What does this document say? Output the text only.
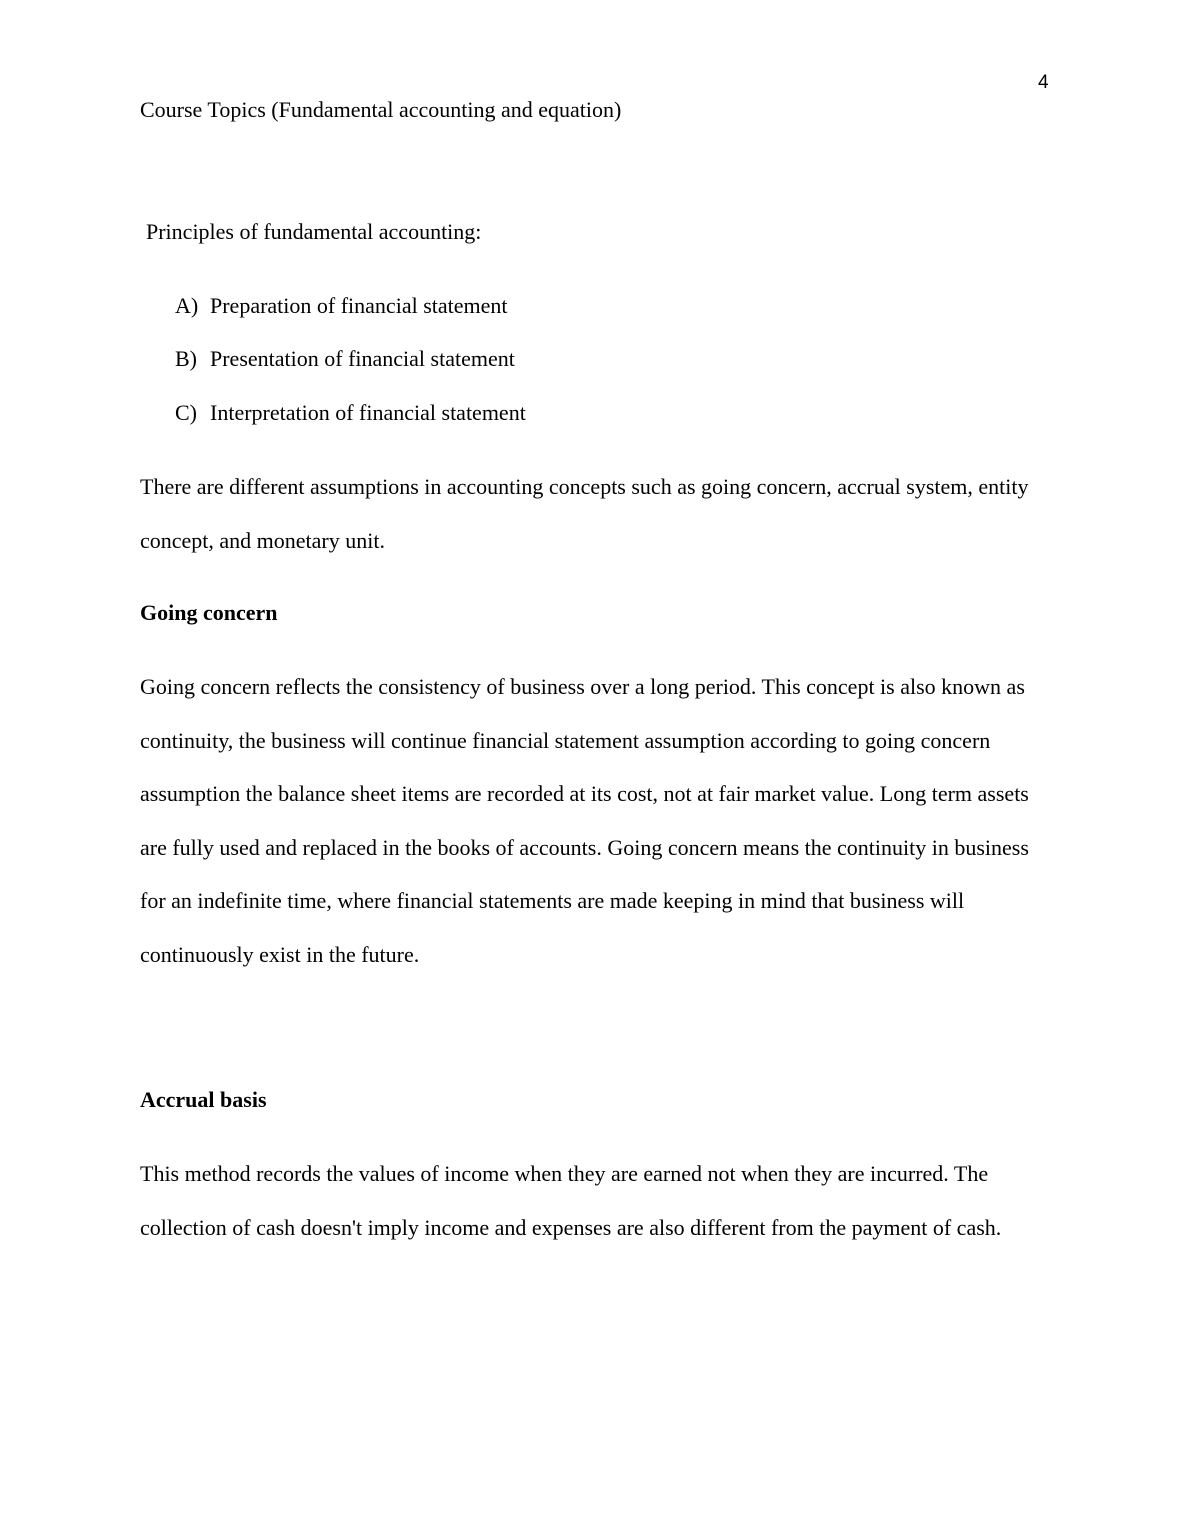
4
Course Topics (Fundamental accounting and equation)
Principles of fundamental accounting:
A) Preparation of financial statement
B) Presentation of financial statement
C) Interpretation of financial statement

There are different assumptions in accounting concepts such as going concern, accrual system, entity concept, and monetary unit.

Going concern

Going concern reflects the consistency of business over a long period. This concept is also known as continuity, the business will continue financial statement assumption according to going concern assumption the balance sheet items are recorded at its cost, not at fair market value. Long term assets are fully used and replaced in the books of accounts. Going concern means the continuity in business for an indefinite time, where financial statements are made keeping in mind that business will continuously exist in the future.

Accrual basis

This method records the values of income when they are earned not when they are incurred. The collection of cash doesn't imply income and expenses are also different from the payment of cash.
